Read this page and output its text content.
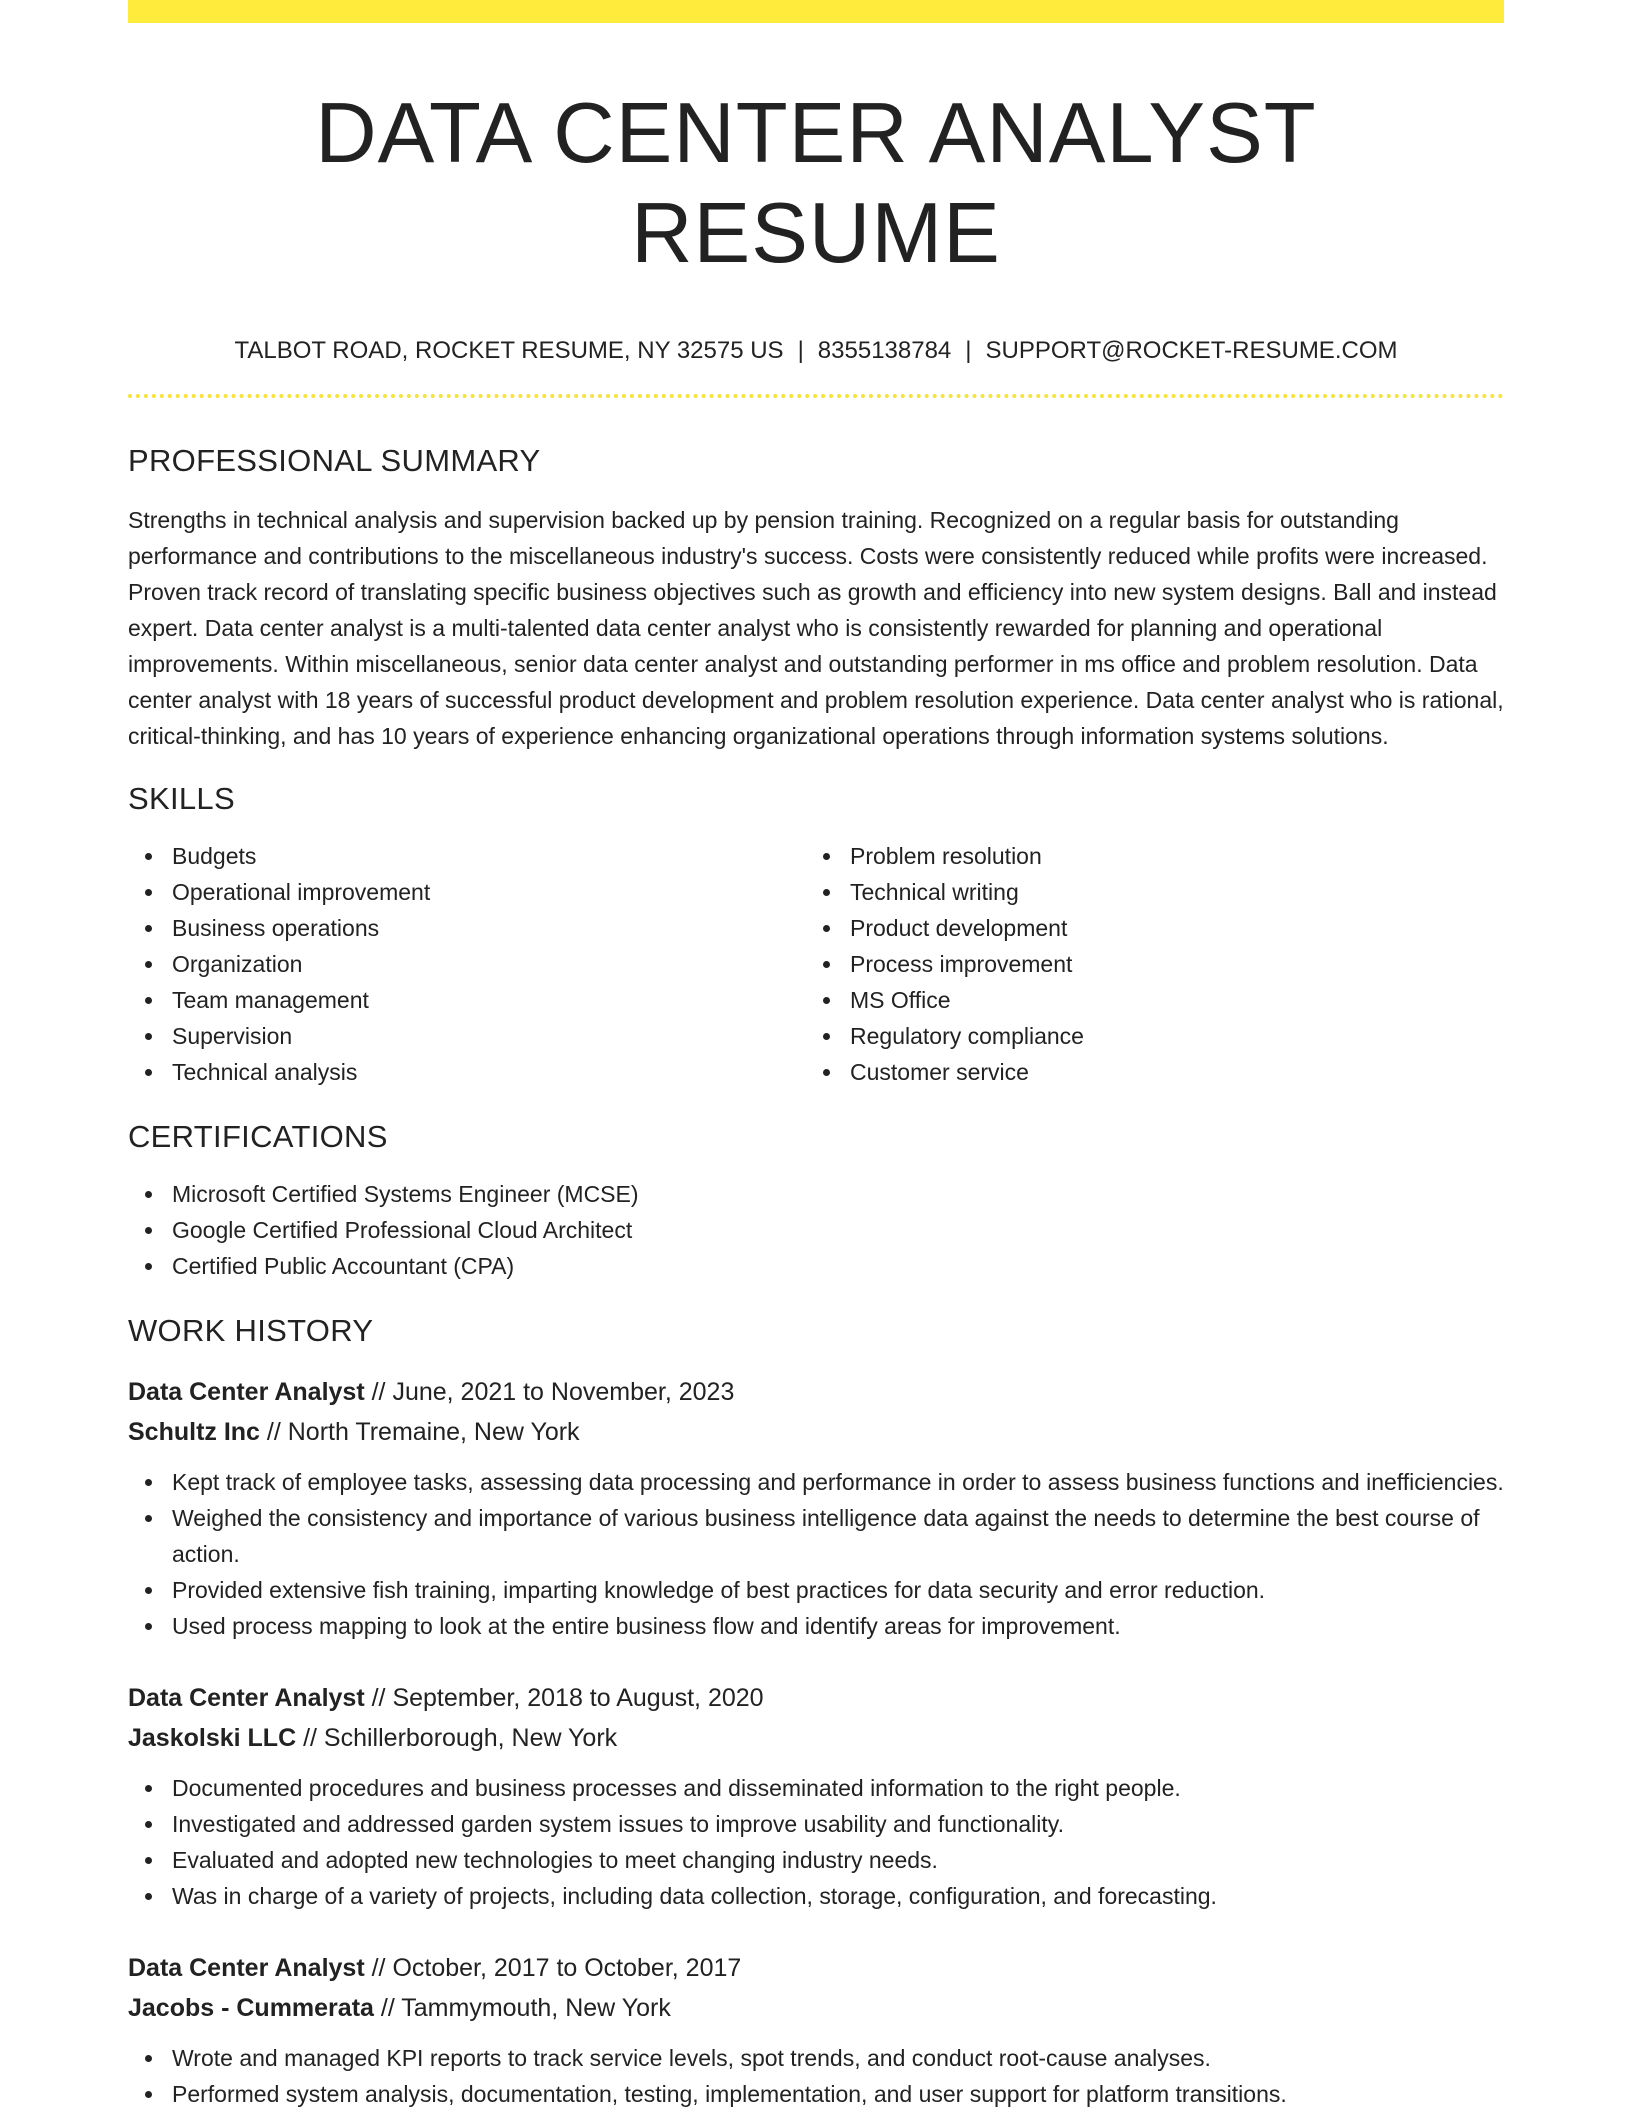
DATA CENTER ANALYST RESUME
TALBOT ROAD, ROCKET RESUME, NY 32575 US | 8355138784 | SUPPORT@ROCKET-RESUME.COM
PROFESSIONAL SUMMARY

Strengths in technical analysis and supervision backed up by pension training. Recognized on a regular basis for outstanding performance and contributions to the miscellaneous industry's success. Costs were consistently reduced while profits were increased. Proven track record of translating specific business objectives such as growth and efficiency into new system designs. Ball and instead expert. Data center analyst is a multi-talented data center analyst who is consistently rewarded for planning and operational improvements. Within miscellaneous, senior data center analyst and outstanding performer in ms office and problem resolution. Data center analyst with 18 years of successful product development and problem resolution experience. Data center analyst who is rational, critical-thinking, and has 10 years of experience enhancing organizational operations through information systems solutions.

SKILLS
Budgets
Operational improvement
Business operations
Organization
Team management
Supervision
Technical analysis
Problem resolution
Technical writing
Product development
Process improvement
MS Office
Regulatory compliance
Customer service
CERTIFICATIONS
Microsoft Certified Systems Engineer (MCSE)
Google Certified Professional Cloud Architect
Certified Public Accountant (CPA)
WORK HISTORY
Data Center Analyst // June, 2021 to November, 2023
Schultz Inc // North Tremaine, New York
Kept track of employee tasks, assessing data processing and performance in order to assess business functions and inefficiencies.
Weighed the consistency and importance of various business intelligence data against the needs to determine the best course of action.
Provided extensive fish training, imparting knowledge of best practices for data security and error reduction.
Used process mapping to look at the entire business flow and identify areas for improvement.
Data Center Analyst // September, 2018 to August, 2020
Jaskolski LLC // Schillerborough, New York
Documented procedures and business processes and disseminated information to the right people.
Investigated and addressed garden system issues to improve usability and functionality.
Evaluated and adopted new technologies to meet changing industry needs.
Was in charge of a variety of projects, including data collection, storage, configuration, and forecasting.
Data Center Analyst // October, 2017 to October, 2017
Jacobs - Cummerata // Tammymouth, New York
Wrote and managed KPI reports to track service levels, spot trends, and conduct root-cause analyses.
Performed system analysis, documentation, testing, implementation, and user support for platform transitions.
